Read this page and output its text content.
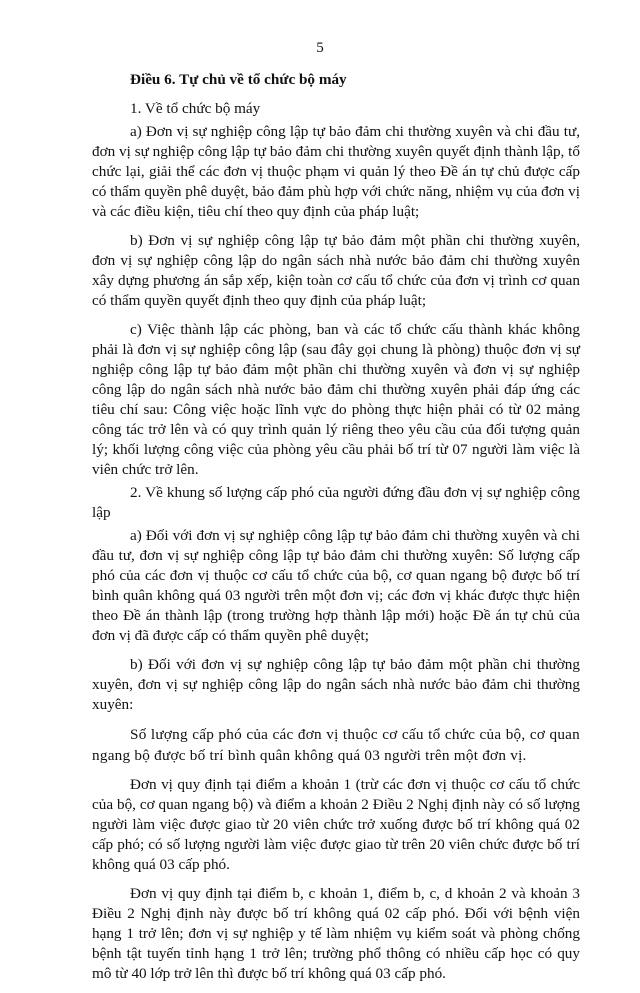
5
Điều 6. Tự chủ về tổ chức bộ máy

1. Về tổ chức bộ máy

a) Đơn vị sự nghiệp công lập tự bảo đảm chi thường xuyên và chi đầu tư, đơn vị sự nghiệp công lập tự bảo đảm chi thường xuyên quyết định thành lập, tổ chức lại, giải thể các đơn vị thuộc phạm vi quản lý theo Đề án tự chủ được cấp có thẩm quyền phê duyệt, bảo đảm phù hợp với chức năng, nhiệm vụ của đơn vị và các điều kiện, tiêu chí theo quy định của pháp luật;

b) Đơn vị sự nghiệp công lập tự bảo đảm một phần chi thường xuyên, đơn vị sự nghiệp công lập do ngân sách nhà nước bảo đảm chi thường xuyên xây dựng phương án sắp xếp, kiện toàn cơ cấu tổ chức của đơn vị trình cơ quan có thẩm quyền quyết định theo quy định của pháp luật;

c) Việc thành lập các phòng, ban và các tổ chức cấu thành khác không phải là đơn vị sự nghiệp công lập (sau đây gọi chung là phòng) thuộc đơn vị sự nghiệp công lập tự bảo đảm một phần chi thường xuyên và đơn vị sự nghiệp công lập do ngân sách nhà nước bảo đảm chi thường xuyên phải đáp ứng các tiêu chí sau: Công việc hoặc lĩnh vực do phòng thực hiện phải có từ 02 mảng công tác trở lên và có quy trình quản lý riêng theo yêu cầu của đối tượng quản lý; khối lượng công việc của phòng yêu cầu phải bố trí từ 07 người làm việc là viên chức trở lên.

2. Về khung số lượng cấp phó của người đứng đầu đơn vị sự nghiệp công lập

a) Đối với đơn vị sự nghiệp công lập tự bảo đảm chi thường xuyên và chi đầu tư, đơn vị sự nghiệp công lập tự bảo đảm chi thường xuyên: Số lượng cấp phó của các đơn vị thuộc cơ cấu tổ chức của bộ, cơ quan ngang bộ được bố trí bình quân không quá 03 người trên một đơn vị; các đơn vị khác được thực hiện theo Đề án thành lập (trong trường hợp thành lập mới) hoặc Đề án tự chủ của đơn vị đã được cấp có thẩm quyền phê duyệt;

b) Đối với đơn vị sự nghiệp công lập tự bảo đảm một phần chi thường xuyên, đơn vị sự nghiệp công lập do ngân sách nhà nước bảo đảm chi thường xuyên:

Số lượng cấp phó của các đơn vị thuộc cơ cấu tổ chức của bộ, cơ quan ngang bộ được bố trí bình quân không quá 03 người trên một đơn vị.

Đơn vị quy định tại điểm a khoản 1 (trừ các đơn vị thuộc cơ cấu tổ chức của bộ, cơ quan ngang bộ) và điểm a khoản 2 Điều 2 Nghị định này có số lượng người làm việc được giao từ 20 viên chức trở xuống được bố trí không quá 02 cấp phó; có số lượng người làm việc được giao từ trên 20 viên chức được bố trí không quá 03 cấp phó.

Đơn vị quy định tại điểm b, c khoản 1, điểm b, c, d khoản 2 và khoản 3 Điều 2 Nghị định này được bố trí không quá 02 cấp phó. Đối với bệnh viện hạng 1 trở lên; đơn vị sự nghiệp y tế làm nhiệm vụ kiểm soát và phòng chống bệnh tật tuyến tỉnh hạng 1 trở lên; trường phổ thông có nhiều cấp học có quy mô từ 40 lớp trở lên thì được bố trí không quá 03 cấp phó.
